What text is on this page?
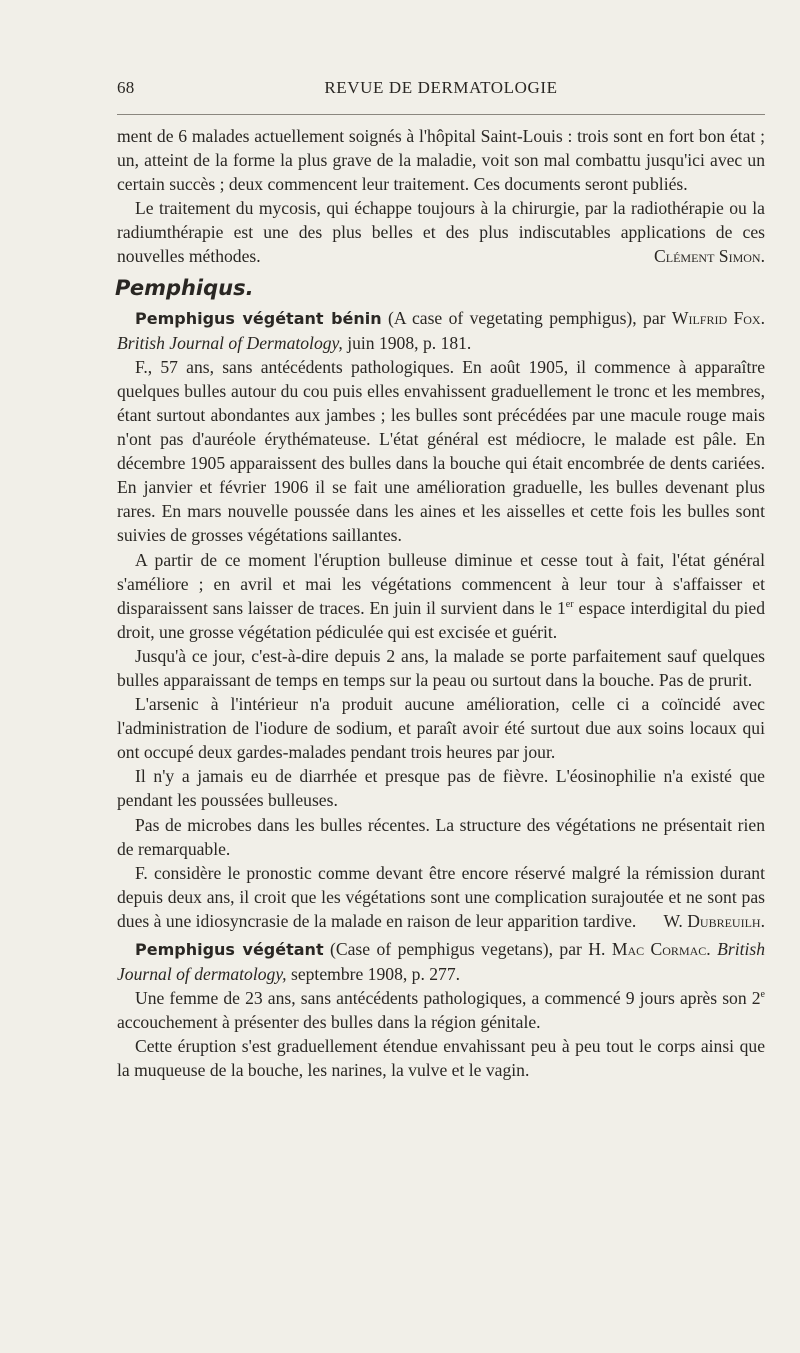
68	REVUE DE DERMATOLOGIE

ment de 6 malades actuellement soignés à l'hôpital Saint-Louis : trois sont en fort bon état ; un, atteint de la forme la plus grave de la maladie, voit son mal combattu jusqu'ici avec un certain succès ; deux commencent leur traitement. Ces documents seront publiés.

Le traitement du mycosis, qui échappe toujours à la chirurgie, par la radiothérapie ou la radiumthérapie est une des plus belles et des plus indiscutables applications de ces nouvelles méthodes.	Clément Simon.

Pemphiqus.

Pemphigus végétant bénin (A case of vegetating pemphigus), par Wilfrid Fox. British Journal of Dermatology, juin 1908, p. 181.

F., 57 ans, sans antécédents pathologiques. En août 1905, il commence à apparaître quelques bulles autour du cou puis elles envahissent graduellement le tronc et les membres, étant surtout abondantes aux jambes ; les bulles sont précédées par une macule rouge mais n'ont pas d'auréole érythémateuse. L'état général est médiocre, le malade est pâle. En décembre 1905 apparaissent des bulles dans la bouche qui était encombrée de dents cariées. En janvier et février 1906 il se fait une amélioration graduelle, les bulles devenant plus rares. En mars nouvelle poussée dans les aines et les aisselles et cette fois les bulles sont suivies de grosses végétations saillantes.

A partir de ce moment l'éruption bulleuse diminue et cesse tout à fait, l'état général s'améliore ; en avril et mai les végétations commencent à leur tour à s'affaisser et disparaissent sans laisser de traces. En juin il survient dans le 1er espace interdigital du pied droit, une grosse végétation pédiculée qui est excisée et guérit.

Jusqu'à ce jour, c'est-à-dire depuis 2 ans, la malade se porte parfaitement sauf quelques bulles apparaissant de temps en temps sur la peau ou surtout dans la bouche. Pas de prurit.

L'arsenic à l'intérieur n'a produit aucune amélioration, celle ci a coïncidé avec l'administration de l'iodure de sodium, et paraît avoir été surtout due aux soins locaux qui ont occupé deux gardes-malades pendant trois heures par jour.

Il n'y a jamais eu de diarrhée et presque pas de fièvre. L'éosinophilie n'a existé que pendant les poussées bulleuses.

Pas de microbes dans les bulles récentes. La structure des végétations ne présentait rien de remarquable.

F. considère le pronostic comme devant être encore réservé malgré la rémission durant depuis deux ans, il croit que les végétations sont une complication surajoutée et ne sont pas dues à une idiosyncrasie de la malade en raison de leur apparition tardive.	W. Dubreuilh.

Pemphigus végétant (Case of pemphigus vegetans), par H. Mac Cormac. British Journal of dermatology, septembre 1908, p. 277.

Une femme de 23 ans, sans antécédents pathologiques, a commencé 9 jours après son 2e accouchement à présenter des bulles dans la région génitale.

Cette éruption s'est graduellement étendue envahissant peu à peu tout le corps ainsi que la muqueuse de la bouche, les narines, la vulve et le vagin.
